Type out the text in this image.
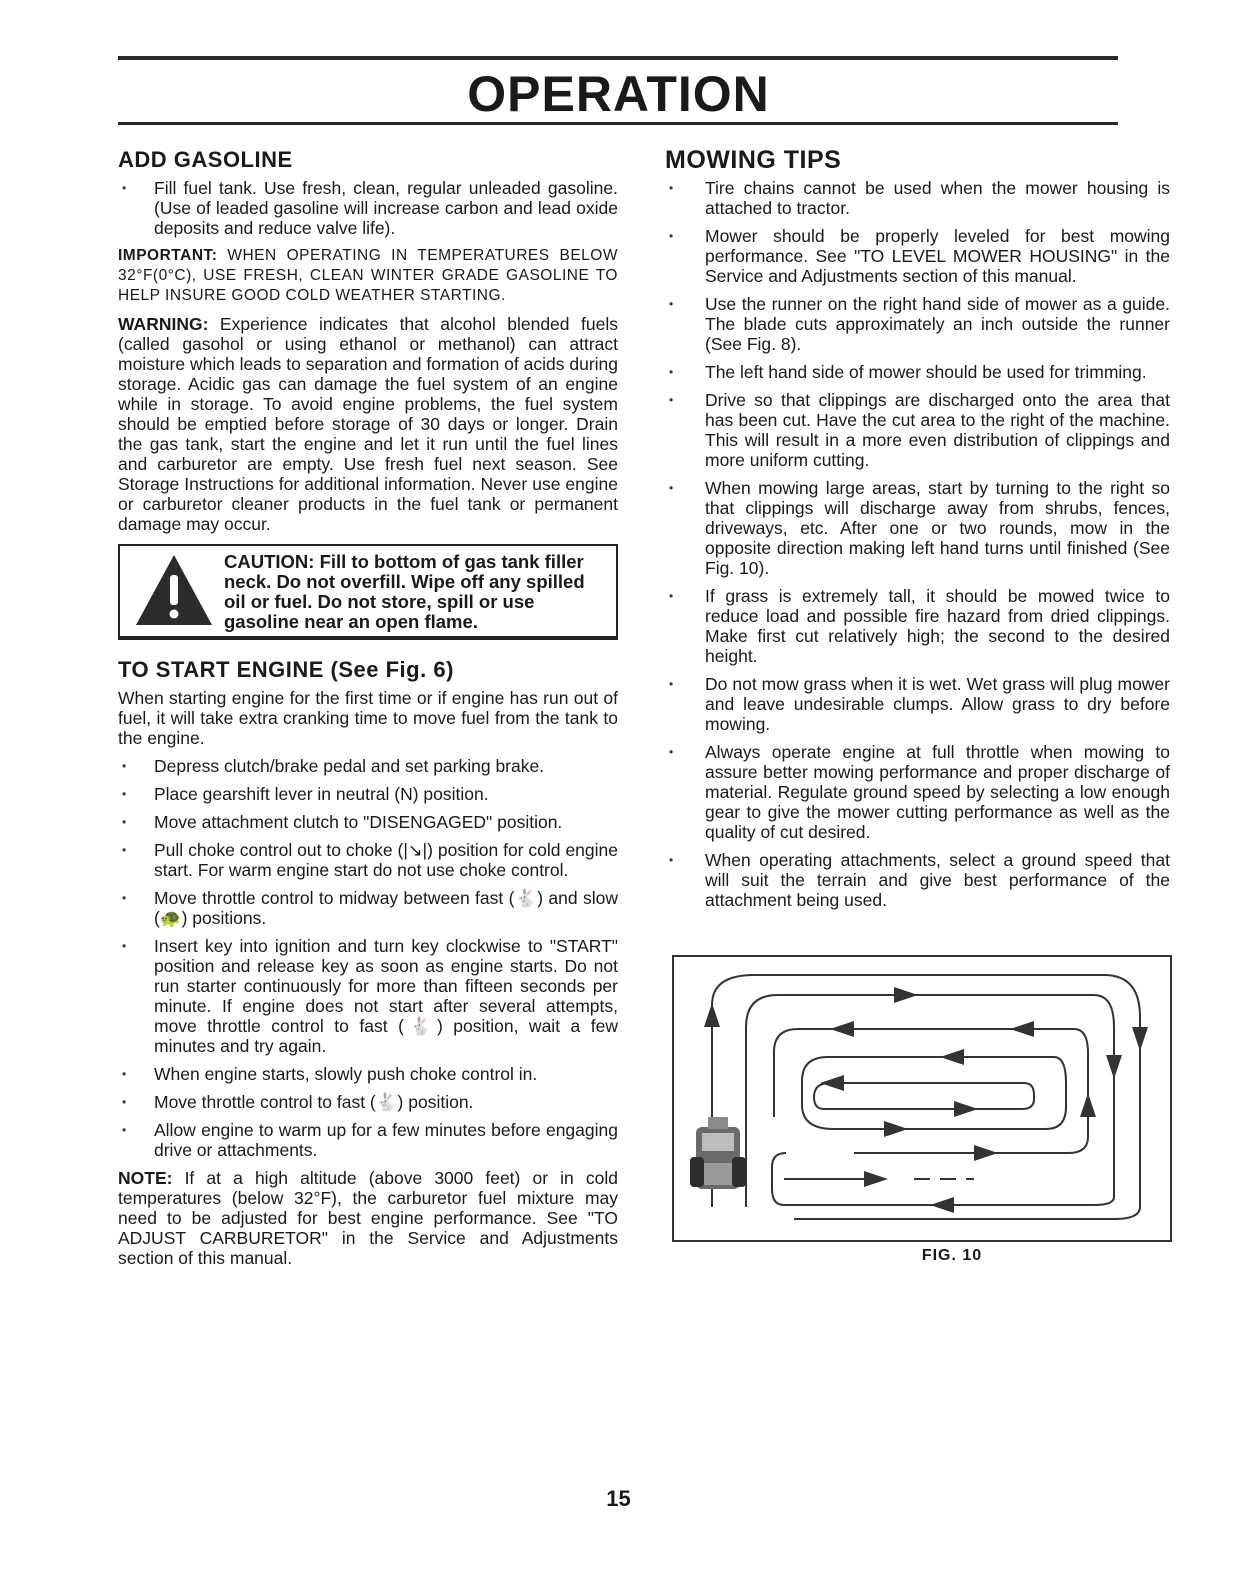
OPERATION
ADD GASOLINE
• Fill fuel tank. Use fresh, clean, regular unleaded gasoline. (Use of leaded gasoline will increase carbon and lead oxide deposits and reduce valve life).

IMPORTANT: WHEN OPERATING IN TEMPERATURES BELOW 32°F(0°C), USE FRESH, CLEAN WINTER GRADE GASOLINE TO HELP INSURE GOOD COLD WEATHER STARTING.

WARNING: Experience indicates that alcohol blended fuels (called gasohol or using ethanol or methanol) can attract moisture which leads to separation and formation of acids during storage. Acidic gas can damage the fuel system of an engine while in storage. To avoid engine problems, the fuel system should be emptied before storage of 30 days or longer. Drain the gas tank, start the engine and let it run until the fuel lines and carburetor are empty. Use fresh fuel next season. See Storage Instructions for additional information. Never use engine or carburetor cleaner products in the fuel tank or permanent damage may occur.

CAUTION: Fill to bottom of gas tank filler neck. Do not overfill. Wipe off any spilled oil or fuel. Do not store, spill or use gasoline near an open flame.
TO START ENGINE (See Fig. 6)

When starting engine for the first time or if engine has run out of fuel, it will take extra cranking time to move fuel from the tank to the engine.

• Depress clutch/brake pedal and set parking brake.
• Place gearshift lever in neutral (N) position.
• Move attachment clutch to "DISENGAGED" position.
• Pull choke control out to choke (|↘|) position for cold engine start. For warm engine start do not use choke control.
• Move throttle control to midway between fast (🐇) and slow (🐢) positions.
• Insert key into ignition and turn key clockwise to "START" position and release key as soon as engine starts. Do not run starter continuously for more than fifteen seconds per minute. If engine does not start after several attempts, move throttle control to fast (🐇) position, wait a few minutes and try again.
• When engine starts, slowly push choke control in.
• Move throttle control to fast (🐇) position.
• Allow engine to warm up for a few minutes before engaging drive or attachments.

NOTE: If at a high altitude (above 3000 feet) or in cold temperatures (below 32°F), the carburetor fuel mixture may need to be adjusted for best engine performance. See "TO ADJUST CARBURETOR" in the Service and Adjustments section of this manual.

MOWING TIPS
• Tire chains cannot be used when the mower housing is attached to tractor.
• Mower should be properly leveled for best mowing performance. See "TO LEVEL MOWER HOUSING" in the Service and Adjustments section of this manual.
• Use the runner on the right hand side of mower as a guide. The blade cuts approximately an inch outside the runner (See Fig. 8).
• The left hand side of mower should be used for trimming.
• Drive so that clippings are discharged onto the area that has been cut. Have the cut area to the right of the machine. This will result in a more even distribution of clippings and more uniform cutting.
• When mowing large areas, start by turning to the right so that clippings will discharge away from shrubs, fences, driveways, etc. After one or two rounds, mow in the opposite direction making left hand turns until finished (See Fig. 10).
• If grass is extremely tall, it should be mowed twice to reduce load and possible fire hazard from dried clippings. Make first cut relatively high; the second to the desired height.
• Do not mow grass when it is wet. Wet grass will plug mower and leave undesirable clumps. Allow grass to dry before mowing.
• Always operate engine at full throttle when mowing to assure better mowing performance and proper discharge of material. Regulate ground speed by selecting a low enough gear to give the mower cutting performance as well as the quality of cut desired.
• When operating attachments, select a ground speed that will suit the terrain and give best performance of the attachment being used.
FIG. 10
15
